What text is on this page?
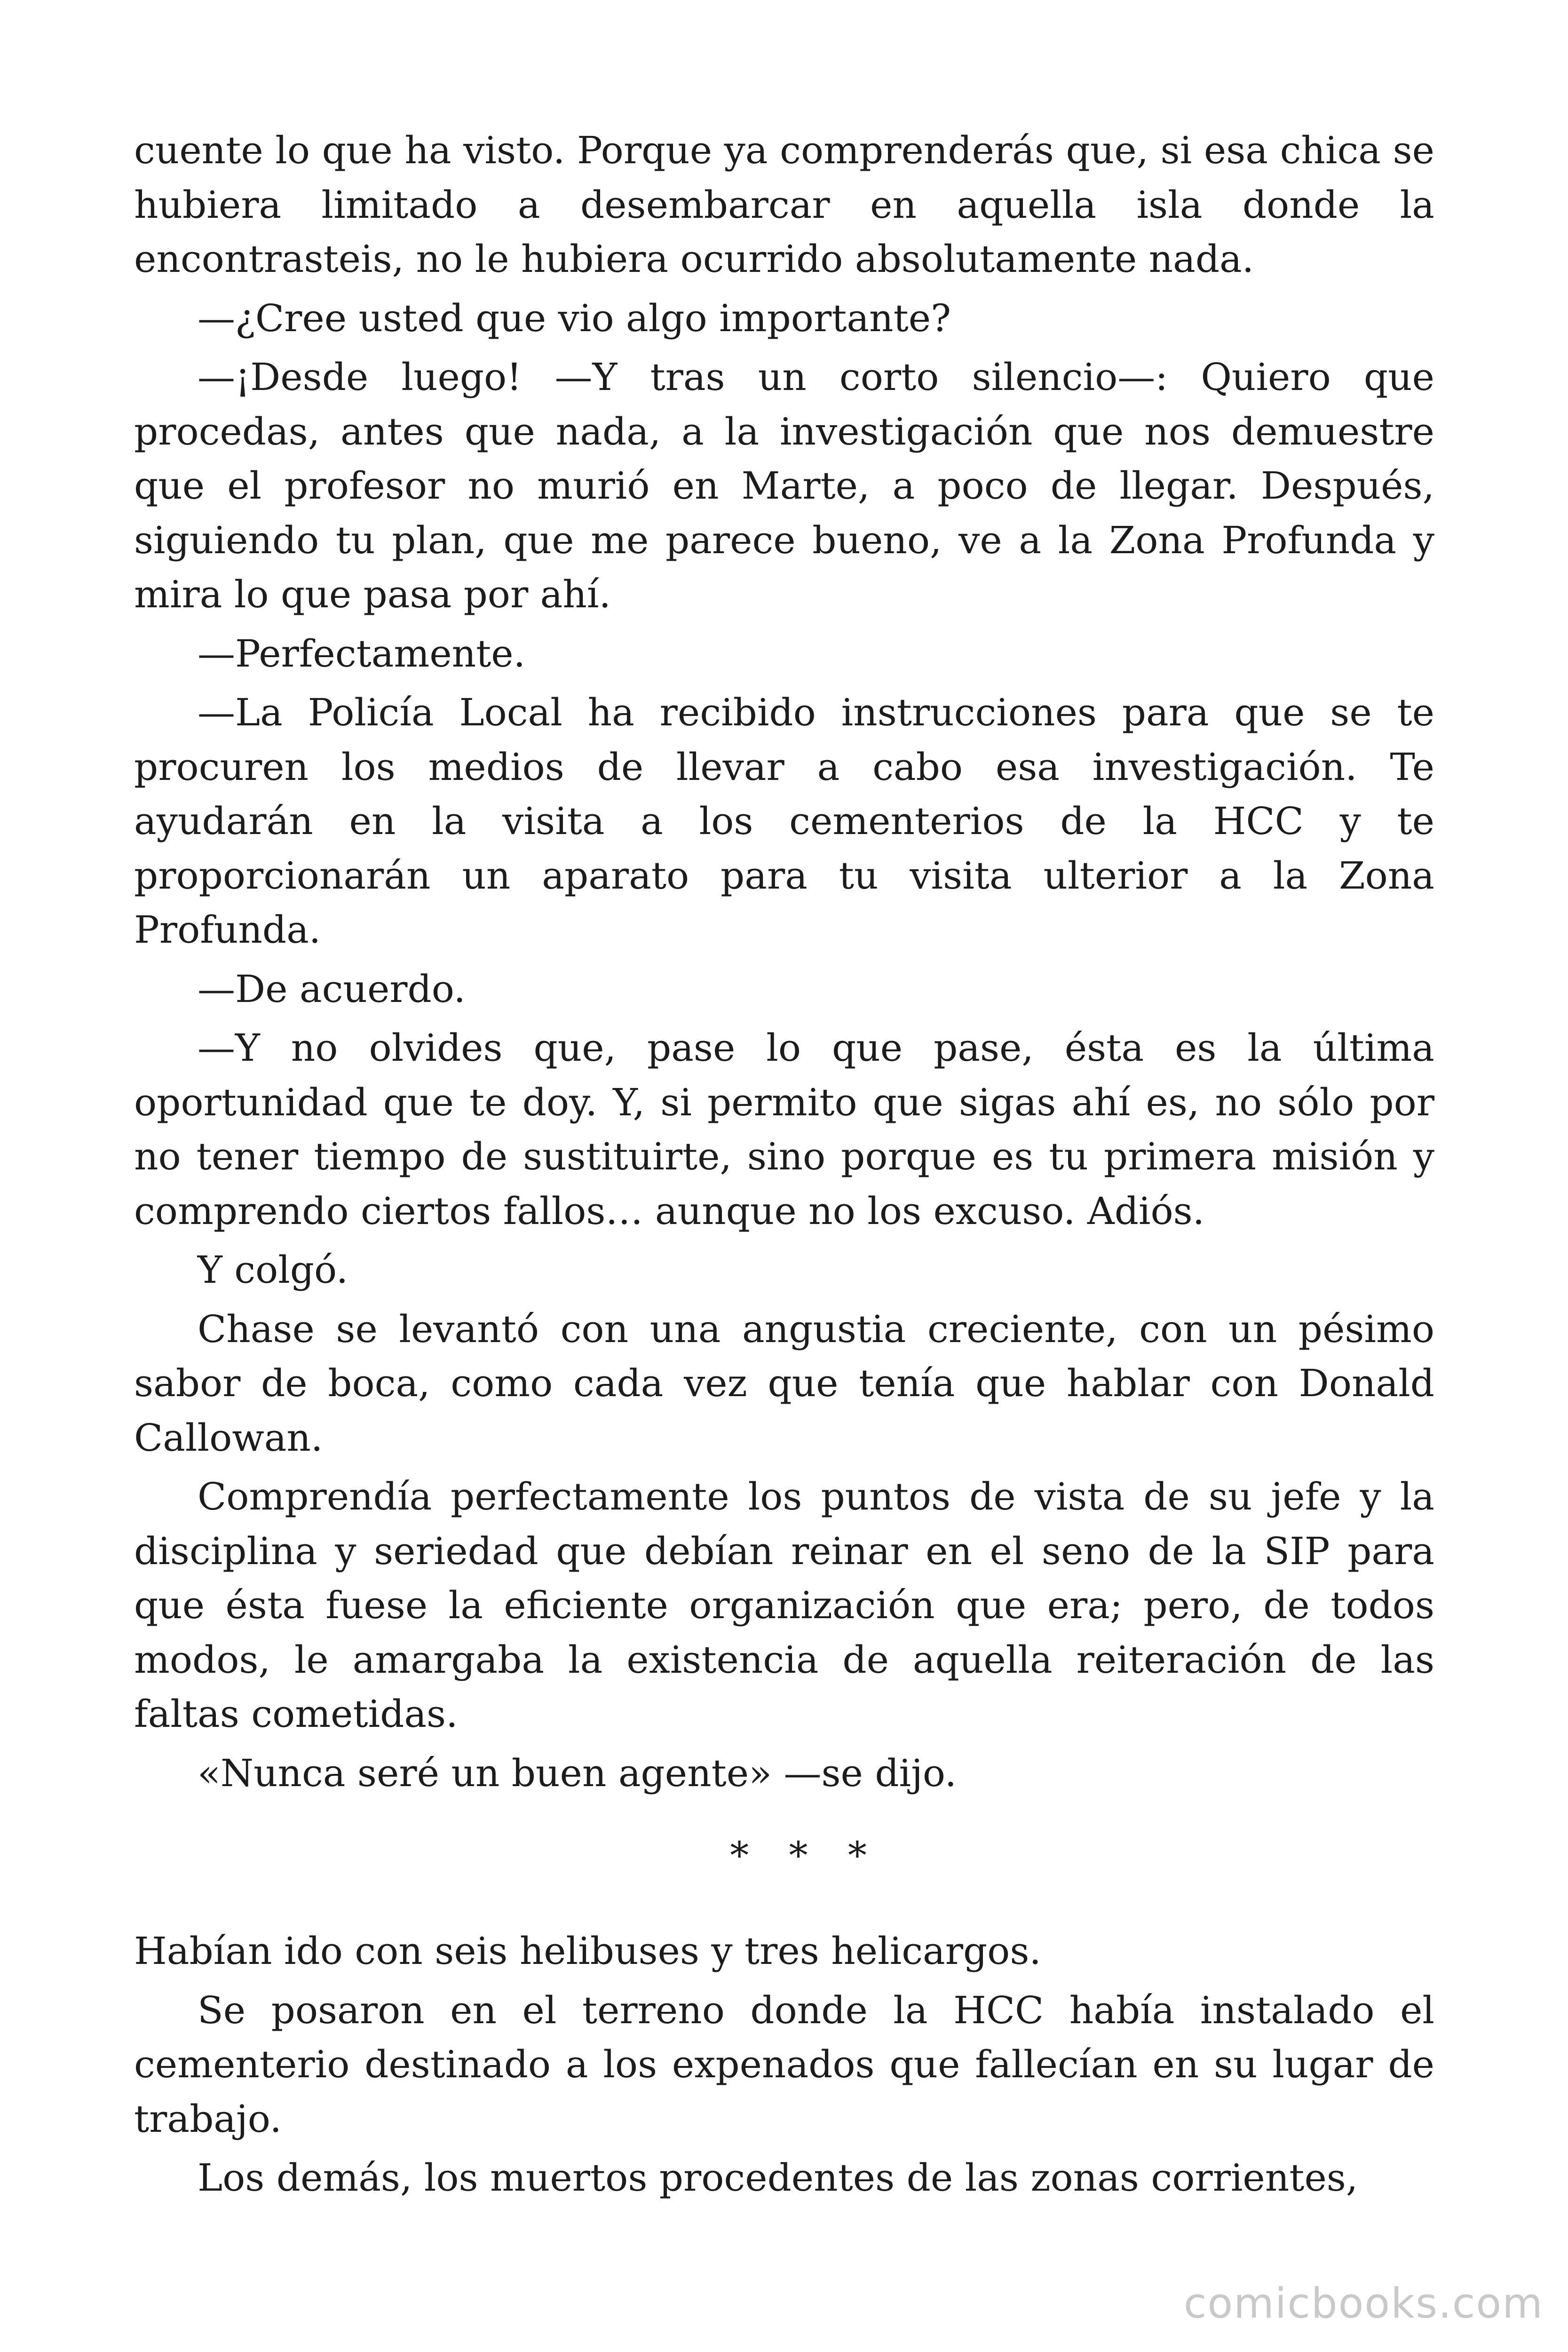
cuente lo que ha visto. Porque ya comprenderás que, si esa chica se hubiera limitado a desembarcar en aquella isla donde la encontrasteis, no le hubiera ocurrido absolutamente nada.

—¿Cree usted que vio algo importante?

—¡Desde luego! —Y tras un corto silencio—: Quiero que procedas, antes que nada, a la investigación que nos demuestre que el profesor no murió en Marte, a poco de llegar. Después, siguiendo tu plan, que me parece bueno, ve a la Zona Profunda y mira lo que pasa por ahí.

—Perfectamente.

—La Policía Local ha recibido instrucciones para que se te procuren los medios de llevar a cabo esa investigación. Te ayudarán en la visita a los cementerios de la HCC y te proporcionarán un aparato para tu visita ulterior a la Zona Profunda.

—De acuerdo.

—Y no olvides que, pase lo que pase, ésta es la última oportunidad que te doy. Y, si permito que sigas ahí es, no sólo por no tener tiempo de sustituirte, sino porque es tu primera misión y comprendo ciertos fallos… aunque no los excuso. Adiós.

Y colgó.

Chase se levantó con una angustia creciente, con un pésimo sabor de boca, como cada vez que tenía que hablar con Donald Callowan.

Comprendía perfectamente los puntos de vista de su jefe y la disciplina y seriedad que debían reinar en el seno de la SIP para que ésta fuese la eficiente organización que era; pero, de todos modos, le amargaba la existencia de aquella reiteración de las faltas cometidas.

«Nunca seré un buen agente» —se dijo.

* * *

Habían ido con seis helibuses y tres helicargos.

Se posaron en el terreno donde la HCC había instalado el cementerio destinado a los expenados que fallecían en su lugar de trabajo.

Los demás, los muertos procedentes de las zonas corrientes,

comicbooks.com
